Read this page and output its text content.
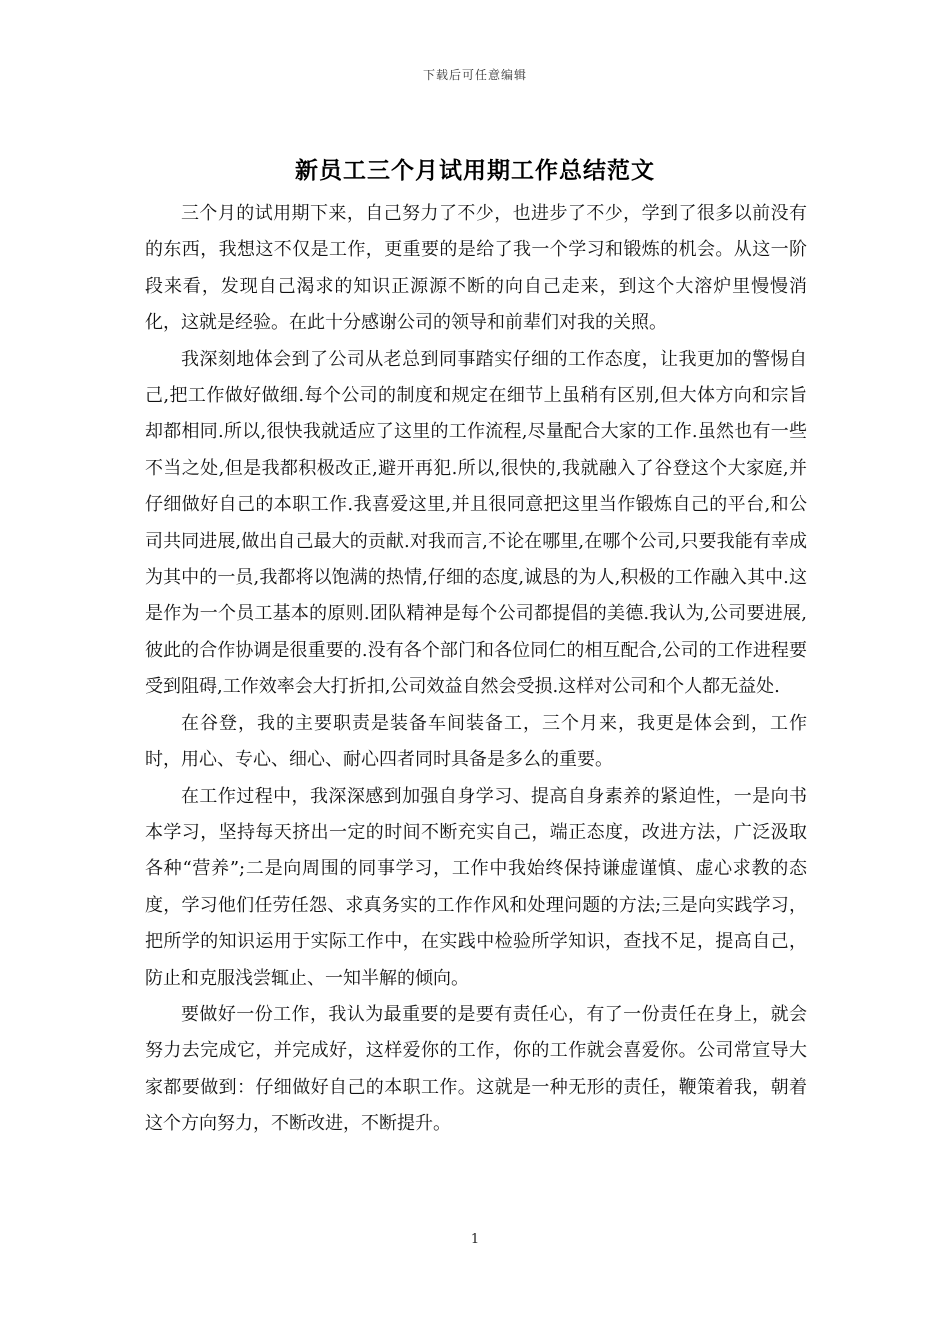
下载后可任意编辑
新员工三个月试用期工作总结范文

三个月的试用期下来，自己努力了不少，也进步了不少，学到了很多以前没有的东西，我想这不仅是工作，更重要的是给了我一个学习和锻炼的机会。从这一阶段来看，发现自己渴求的知识正源源不断的向自己走来，到这个大溶炉里慢慢消化，这就是经验。在此十分感谢公司的领导和前辈们对我的关照。

我深刻地体会到了公司从老总到同事踏实仔细的工作态度，让我更加的警惕自己,把工作做好做细.每个公司的制度和规定在细节上虽稍有区别,但大体方向和宗旨却都相同.所以,很快我就适应了这里的工作流程,尽量配合大家的工作.虽然也有一些不当之处,但是我都积极改正,避开再犯.所以,很快的,我就融入了谷登这个大家庭,并仔细做好自己的本职工作.我喜爱这里,并且很同意把这里当作锻炼自己的平台,和公司共同进展,做出自己最大的贡献.对我而言,不论在哪里,在哪个公司,只要我能有幸成为其中的一员,我都将以饱满的热情,仔细的态度,诚恳的为人,积极的工作融入其中.这是作为一个员工基本的原则.团队精神是每个公司都提倡的美德.我认为,公司要进展,彼此的合作协调是很重要的.没有各个部门和各位同仁的相互配合,公司的工作进程要受到阻碍,工作效率会大打折扣,公司效益自然会受损.这样对公司和个人都无益处.

在谷登，我的主要职责是装备车间装备工，三个月来，我更是体会到，工作时，用心、专心、细心、耐心四者同时具备是多么的重要。

在工作过程中，我深深感到加强自身学习、提高自身素养的紧迫性，一是向书本学习，坚持每天挤出一定的时间不断充实自己，端正态度，改进方法，广泛汲取各种“营养”;二是向周围的同事学习，工作中我始终保持谦虚谨慎、虚心求教的态度，学习他们任劳任怨、求真务实的工作作风和处理问题的方法;三是向实践学习，把所学的知识运用于实际工作中，在实践中检验所学知识，查找不足，提高自己，防止和克服浅尝辄止、一知半解的倾向。

要做好一份工作，我认为最重要的是要有责任心，有了一份责任在身上，就会努力去完成它，并完成好，这样爱你的工作，你的工作就会喜爱你。公司常宣导大家都要做到：仔细做好自己的本职工作。这就是一种无形的责任，鞭策着我，朝着这个方向努力，不断改进，不断提升。

1
